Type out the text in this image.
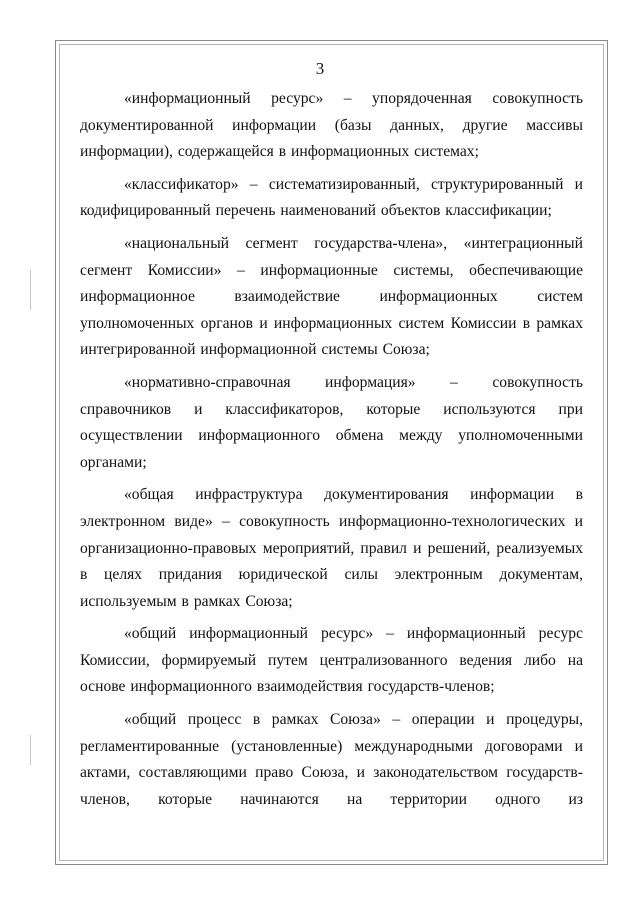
3

«информационный ресурс» – упорядоченная совокупность документированной информации (базы данных, другие массивы информации), содержащейся в информационных системах;

«классификатор» – систематизированный, структурированный и кодифицированный перечень наименований объектов классификации;

«национальный сегмент государства-члена», «интеграционный сегмент Комиссии» – информационные системы, обеспечивающие информационное взаимодействие информационных систем уполномоченных органов и информационных систем Комиссии в рамках интегрированной информационной системы Союза;

«нормативно-справочная информация» – совокупность справочников и классификаторов, которые используются при осуществлении информационного обмена между уполномоченными органами;

«общая инфраструктура документирования информации в электронном виде» – совокупность информационно-технологических и организационно-правовых мероприятий, правил и решений, реализуемых в целях придания юридической силы электронным документам, используемым в рамках Союза;

«общий информационный ресурс» – информационный ресурс Комиссии, формируемый путем централизованного ведения либо на основе информационного взаимодействия государств-членов;

«общий процесс в рамках Союза» – операции и процедуры, регламентированные (установленные) международными договорами и актами, составляющими право Союза, и законодательством государств-членов, которые начинаются на территории одного из
